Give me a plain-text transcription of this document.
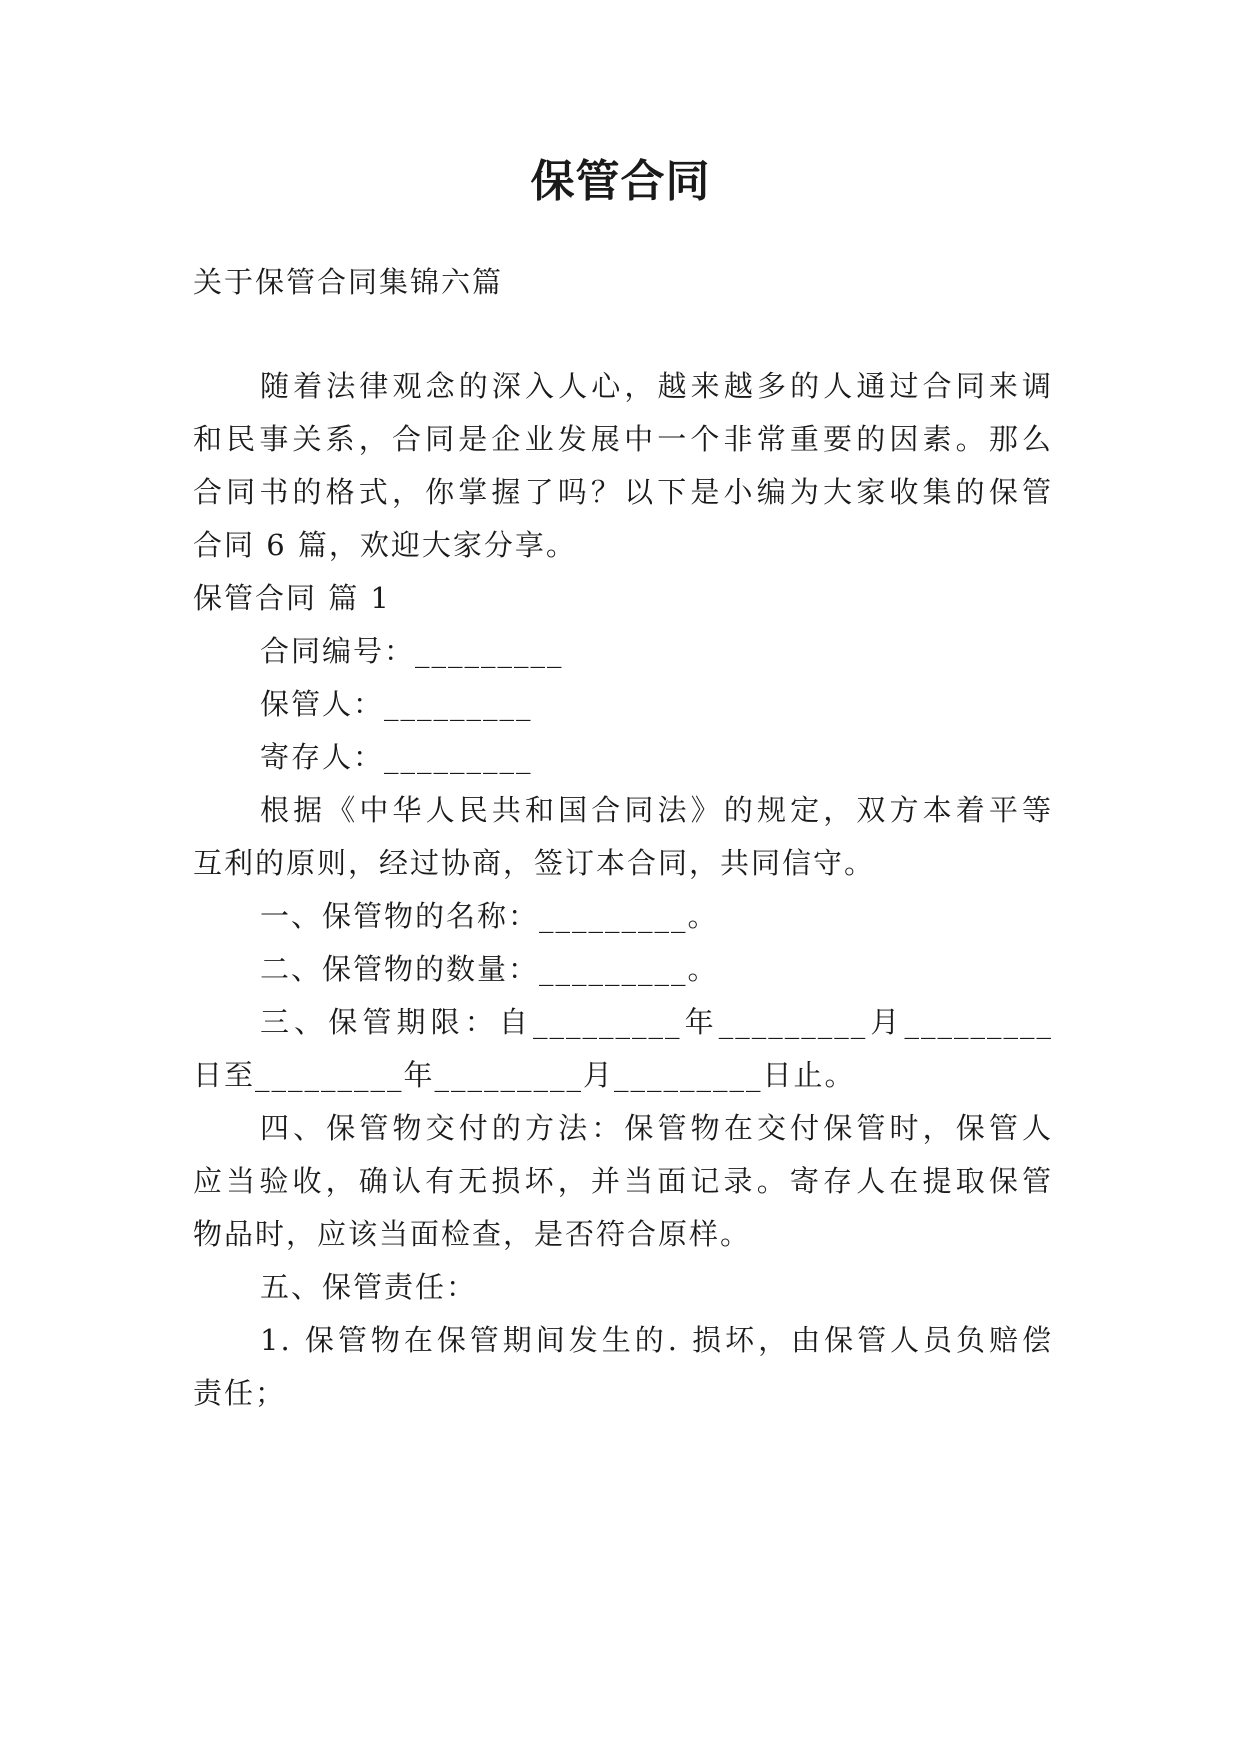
保管合同

关于保管合同集锦六篇

随着法律观念的深入人心，越来越多的人通过合同来调

和民事关系，合同是企业发展中一个非常重要的因素。那么

合同书的格式，你掌握了吗？以下是小编为大家收集的保管

合同 6 篇，欢迎大家分享。

保管合同 篇 1

合同编号：_________

保管人：_________

寄存人：_________

根据《中华人民共和国合同法》的规定，双方本着平等

互利的原则，经过协商，签订本合同，共同信守。

一、保管物的名称：_________。

二、保管物的数量：_________。

三、保管期限：自_________年_________月_________

日至_________年_________月_________日止。

四、保管物交付的方法：保管物在交付保管时，保管人

应当验收，确认有无损坏，并当面记录。寄存人在提取保管

物品时，应该当面检查，是否符合原样。

五、保管责任：

1. 保管物在保管期间发生的. 损坏，由保管人员负赔偿

责任；
